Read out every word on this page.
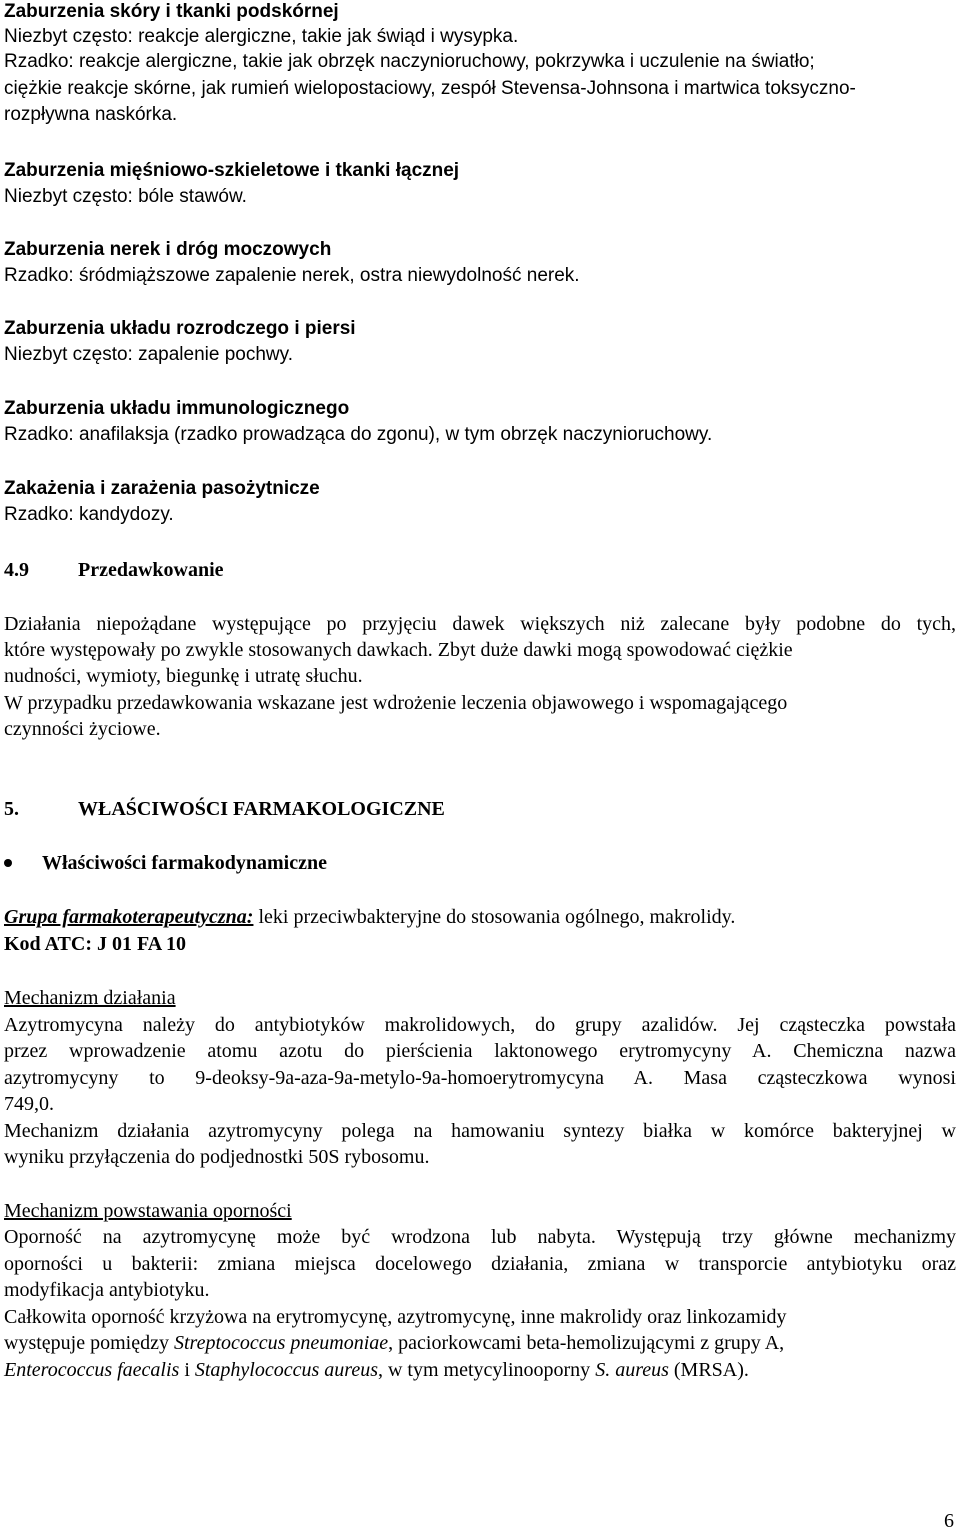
Zaburzenia skóry i tkanki podskórnej
Niezbyt często: reakcje alergiczne, takie jak świąd i wysypka.
Rzadko: reakcje alergiczne, takie jak obrzęk naczynioruchowy, pokrzywka i uczulenie na światło;
ciężkie reakcje skórne, jak rumień wielopostaciowy, zespół Stevensa-Johnsona i martwica toksyczno-
rozpływna naskórka.
Zaburzenia mięśniowo-szkieletowe i tkanki łącznej
Niezbyt często: bóle stawów.
Zaburzenia nerek i dróg moczowych
Rzadko: śródmiąższowe zapalenie nerek, ostra niewydolność nerek.
Zaburzenia układu rozrodczego i piersi
Niezbyt często: zapalenie pochwy.
Zaburzenia układu immunologicznego
Rzadko: anafilaksja (rzadko prowadząca do zgonu), w tym obrzęk naczynioruchowy.
Zakażenia i zarażenia pasożytnicze
Rzadko: kandydozy.
4.9 Przedawkowanie
Działania niepożądane występujące po przyjęciu dawek większych niż zalecane były podobne do tych,
które występowały po zwykle stosowanych dawkach. Zbyt duże dawki mogą spowodować ciężkie
nudności, wymioty, biegunkę i utratę słuchu.
W przypadku przedawkowania wskazane jest wdrożenie leczenia objawowego i wspomagającego
czynności życiowe.
5.	WŁAŚCIWOŚCI FARMAKOLOGICZNE
Właściwości farmakodynamiczne
Grupa farmakoterapeutyczna: leki przeciwbakteryjne do stosowania ogólnego, makrolidy.
Kod ATC: J 01 FA 10
Mechanizm działania
Azytromycyna należy do antybiotyków makrolidowych, do grupy azalidów. Jej cząsteczka powstała
przez wprowadzenie atomu azotu do pierścienia laktonowego erytromycyny A. Chemiczna nazwa
azytromycyny to 9-deoksy-9a-aza-9a-metylo-9a-homoerytromycyna A. Masa cząsteczkowa wynosi
749,0.
Mechanizm działania azytromycyny polega na hamowaniu syntezy białka w komórce bakteryjnej w
wyniku przyłączenia do podjednostki 50S rybosomu.
Mechanizm powstawania oporności
Oporność na azytromycynę może być wrodzona lub nabyta. Występują trzy główne mechanizmy
oporności u bakterii: zmiana miejsca docelowego działania, zmiana w transporcie antybiotyku oraz
modyfikacja antybiotyku.
Całkowita oporność krzyżowa na erytromycynę, azytromycynę, inne makrolidy oraz linkozamidy
występuje pomiędzy Streptococcus pneumoniae, paciorkowcami beta-hemolizującymi z grupy A,
Enterococcus faecalis i Staphylococcus aureus, w tym metycylinooporny S. aureus (MRSA).
6
